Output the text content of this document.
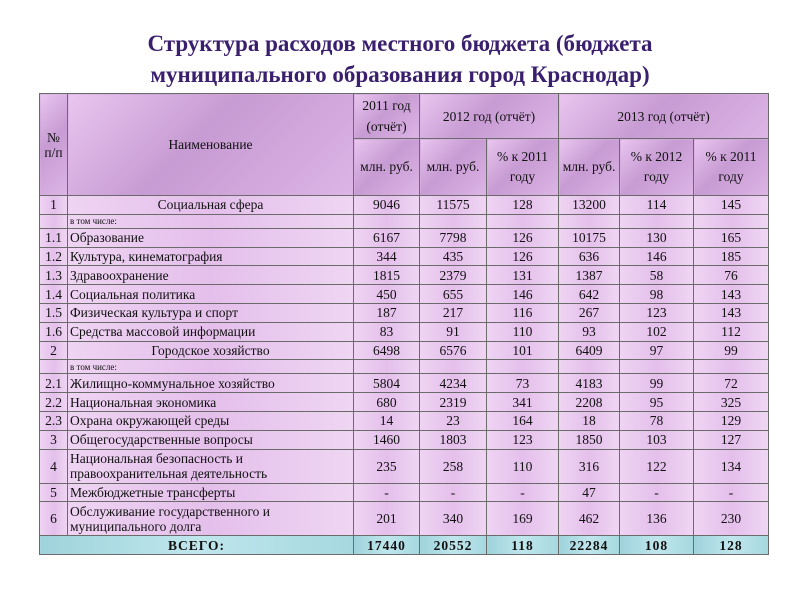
Структура расходов местного бюджета (бюджета
муниципального образования город Краснодар)
№ п/п	Наименование	2011 год (отчёт)	2012 год (отчёт)		2013 год (отчёт)		
		млн. руб.	млн. руб.	% к 2011 году	млн. руб.	% к 2012 году	% к 2011 году
1	Социальная сфера	9046	11575	128	13200	114	145
	в том числе:						
1.1	Образование	6167	7798	126	10175	130	165
1.2	Культура, кинематография	344	435	126	636	146	185
1.3	Здравоохранение	1815	2379	131	1387	58	76
1.4	Социальная политика	450	655	146	642	98	143
1.5	Физическая культура и спорт	187	217	116	267	123	143
1.6	Средства массовой информации	83	91	110	93	102	112
2	Городское хозяйство	6498	6576	101	6409	97	99
	в том числе:						
2.1	Жилищно-коммунальное хозяйство	5804	4234	73	4183	99	72
2.2	Национальная экономика	680	2319	341	2208	95	325
2.3	Охрана окружающей среды	14	23	164	18	78	129
3	Общегосударственные вопросы	1460	1803	123	1850	103	127
4	Национальная безопасность и правоохранительная деятельность	235	258	110	316	122	134
5	Межбюджетные трансферты	-	-	-	47	-	-
6	Обслуживание государственного и муниципального долга	201	340	169	462	136	230
ВСЕГО:		17440	20552	118	22284	108	128
